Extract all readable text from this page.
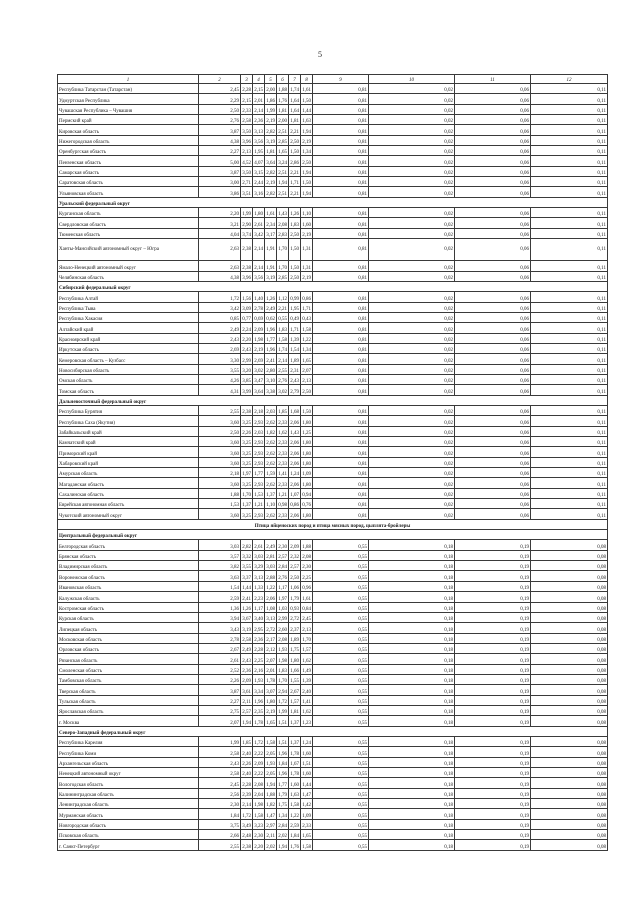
5
1	2	3	4	5	6	7	8	9	10	11	12
Республика Татарстан (Татарстан)	2,45	2,28	2,15	2,00	1,88	1,74	1,61	0,81	0,02	0,06	0,11
Удмуртская Республика	2,29	2,15	2,01	1,86	1,76	1,64	1,50	0,81	0,02	0,06	0,11
Чувашская Республика – Чувашия	2,50	2,33	2,14	1,99	1,81	1,64	1,44	0,81	0,02	0,06	0,11
Пермский край	2,76	2,58	2,36	2,19	2,00	1,81	1,63	0,81	0,02	0,06	0,11
Кировская область	3,87	3,50	3,13	2,82	2,51	2,21	1,94	0,81	0,02	0,06	0,11
Нижегородская область	4,38	3,96	3,56	3,19	2,85	2,50	2,19	0,81	0,02	0,06	0,11
Оренбургская область	2,27	2,13	1,95	1,81	1,65	1,50	1,34	0,81	0,02	0,06	0,11
Пензенская область	5,00	4,52	4,07	3,64	3,24	2,86	2,50	0,81	0,02	0,06	0,11
Самарская область	3,87	3,50	3,15	2,82	2,51	2,21	1,94	0,81	0,02	0,06	0,11
Саратовская область	3,00	2,71	2,44	2,19	1,94	1,71	1,50	0,81	0,02	0,06	0,11
Ульяновская область	3,86	3,51	3,16	2,82	2,51	2,21	1,94	0,81	0,02	0,06	0,11
Уральский федеральный округ											
Курганская область	2,20	1,99	1,80	1,61	1,43	1,26	1,10	0,81	0,02	0,06	0,11
Свердловская область	3,21	2,90	2,61	2,34	2,08	1,83	1,60	0,81	0,02	0,06	0,11
Тюменская область	4,04	3,74	3,42	3,17	2,83	2,50	2,19	0,81	0,02	0,06	0,11
Ханты-Мансийский автономный округ – Югра	2,63	2,38	2,14	1,91	1,70	1,50	1,31	0,81	0,02	0,06	0,11
Ямало-Ненецкий автономный округ	2,63	2,38	2,14	1,91	1,70	1,50	1,31	0,81	0,02	0,06	0,11
Челябинская область	4,38	3,96	3,56	3,19	2,85	2,50	2,19	0,81	0,02	0,06	0,11
Сибирский федеральный округ											
Республика Алтай	1,72	1,56	1,40	1,26	1,12	0,99	0,86	0,81	0,02	0,06	0,11
Республика Тыва	3,42	3,09	2,78	2,49	2,21	1,95	1,71	0,81	0,02	0,06	0,11
Республика Хакасия	0,85	0,77	0,69	0,62	0,55	0,49	0,43	0,81	0,02	0,06	0,11
Алтайский край	2,49	2,24	2,09	1,96	1,83	1,71	1,58	0,81	0,02	0,06	0,11
Красноярский край	2,43	2,20	1,98	1,77	1,58	1,39	1,22	0,81	0,02	0,06	0,11
Иркутская область	2,69	2,43	2,19	1,96	1,74	1,54	1,34	0,81	0,02	0,06	0,11
Кемеровская область – Кузбасс	3,30	2,99	2,69	2,41	2,14	1,89	1,65	0,81	0,02	0,06	0,11
Новосибирская область	3,55	3,20	3,02	2,80	2,55	2,31	2,07	0,81	0,02	0,06	0,11
Омская область	4,26	3,85	3,47	3,10	2,76	2,43	2,13	0,81	0,02	0,06	0,11
Томская область	4,31	3,99	3,64	3,38	3,02	2,79	2,50	0,81	0,02	0,06	0,11
Дальневосточный федеральный округ											
Республика Бурятия	2,55	2,38	2,18	2,03	1,85	1,68	1,50	0,81	0,02	0,06	0,11
Республика Саха (Якутия)	3,60	3,25	2,93	2,62	2,33	2,06	1,80	0,81	0,02	0,06	0,11
Забайкальский край	2,50	2,26	2,03	1,82	1,62	1,43	1,25	0,81	0,02	0,06	0,11
Камчатский край	3,60	3,25	2,93	2,62	2,33	2,06	1,80	0,81	0,02	0,06	0,11
Приморский край	3,60	3,25	2,93	2,62	2,33	2,06	1,80	0,81	0,02	0,06	0,11
Хабаровский край	3,60	3,25	2,93	2,62	2,33	2,06	1,80	0,81	0,02	0,06	0,11
Амурская область	2,18	1,97	1,77	1,59	1,41	1,24	1,09	0,81	0,02	0,06	0,11
Магаданская область	3,60	3,25	2,93	2,62	2,33	2,06	1,80	0,81	0,02	0,06	0,11
Сахалинская область	1,88	1,70	1,53	1,37	1,21	1,07	0,94	0,81	0,02	0,06	0,11
Еврейская автономная область	1,53	1,37	1,21	1,10	0,98	0,86	0,76	0,81	0,02	0,06	0,11
Чукотский автономный округ	3,60	3,25	2,93	2,62	2,33	2,06	1,80	0,81	0,02	0,06	0,11
Птица яйценоских пород и птица мясных пород, цыплята-бройлеры											
Центральный федеральный округ											
Белгородская область	3,03	2,82	2,61	2,49	2,30	2,09	1,88	0,55	0,18	0,19	0,08
Брянская область	3,57	3,32	3,03	2,81	2,57	2,32	2,08	0,55	0,18	0,19	0,08
Владимирская область	3,82	3,55	3,29	3,03	2,84	2,57	2,30	0,55	0,18	0,19	0,08
Воронежская область	3,63	3,37	3,13	2,88	2,76	2,50	2,25	0,55	0,18	0,19	0,08
Ивановская область	1,54	1,44	1,33	1,22	1,17	1,06	0,96	0,55	0,18	0,19	0,08
Калужская область	2,59	2,41	2,23	2,06	1,97	1,79	1,61	0,55	0,18	0,19	0,08
Костромская область	1,36	1,26	1,17	1,08	1,03	0,93	0,84	0,55	0,18	0,19	0,08
Курская область	3,94	3,67	3,40	3,13	2,99	2,72	2,45	0,55	0,18	0,19	0,08
Липецкая область	3,43	3,19	2,95	2,72	2,60	2,37	2,13	0,55	0,18	0,19	0,08
Московская область	2,78	2,58	2,36	2,17	2,08	1,89	1,70	0,55	0,18	0,19	0,08
Орловская область	2,67	2,49	2,28	2,12	1,93	1,75	1,57	0,55	0,18	0,19	0,08
Рязанская область	2,61	2,43	2,25	2,07	1,98	1,80	1,62	0,55	0,18	0,19	0,08
Смоленская область	2,52	2,36	2,16	2,01	1,83	1,66	1,49	0,55	0,18	0,19	0,08
Тамбовская область	2,26	2,09	1,93	1,78	1,70	1,55	1,39	0,55	0,18	0,19	0,08
Тверская область	3,87	3,61	3,34	3,07	2,94	2,67	2,40	0,55	0,18	0,19	0,08
Тульская область	2,27	2,11	1,96	1,80	1,72	1,57	1,41	0,55	0,18	0,19	0,08
Ярославская область	2,75	2,57	2,35	2,19	1,99	1,81	1,62	0,55	0,18	0,19	0,08
г. Москва	2,07	1,94	1,78	1,65	1,51	1,37	1,23	0,55	0,18	0,19	0,08
Северо-Западный федеральный округ											
Республика Карелия	1,99	1,85	1,72	1,58	1,51	1,37	1,24	0,55	0,18	0,19	0,08
Республика Коми	2,58	2,40	2,22	2,05	1,96	1,78	1,60	0,55	0,18	0,19	0,08
Архангельская область	2,43	2,26	2,09	1,93	1,84	1,67	1,51	0,55	0,18	0,19	0,08
Ненецкий автономный округ	2,58	2,40	2,22	2,05	1,96	1,78	1,60	0,55	0,18	0,19	0,08
Вологодская область	2,45	2,28	2,08	1,94	1,77	1,60	1,44	0,55	0,18	0,19	0,08
Калининградская область	2,56	2,39	2,04	1,88	1,79	1,63	1,47	0,55	0,18	0,19	0,08
Ленинградская область	2,30	2,14	1,98	1,82	1,75	1,58	1,42	0,55	0,18	0,19	0,08
Мурманская область	1,84	1,72	1,58	1,47	1,34	1,22	1,09	0,55	0,18	0,19	0,08
Новгородская область	3,75	3,49	3,23	2,97	2,84	2,59	2,33	0,55	0,18	0,19	0,08
Псковская область	2,66	2,48	2,30	2,11	2,02	1,84	1,65	0,55	0,18	0,19	0,08
г. Санкт-Петербург	2,55	2,38	2,20	2,02	1,94	1,76	1,58	0,55	0,18	0,19	0,08
